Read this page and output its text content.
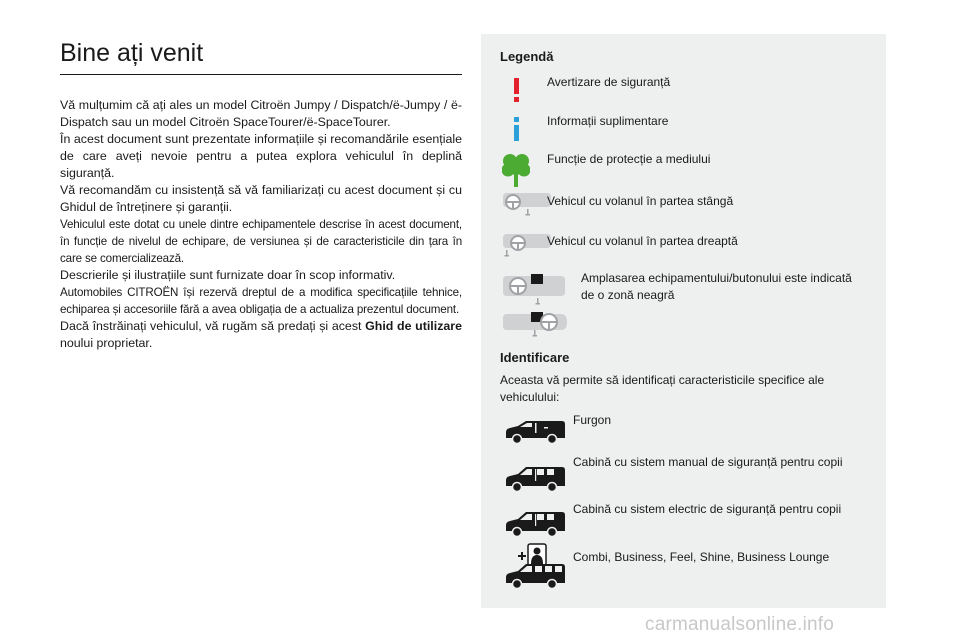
Bine ați venit

Vă mulțumim că ați ales un model Citroën Jumpy / Dispatch/ë-Jumpy / ë-Dispatch sau un model Citroën SpaceTourer/ë-SpaceTourer.

În acest document sunt prezentate informațiile și recomandările esențiale de care aveți nevoie pentru a putea explora vehiculul în deplină siguranță.

Vă recomandăm cu insistență să vă familiarizați cu acest document și cu Ghidul de întreținere și garanții.

Vehiculul este dotat cu unele dintre echipamentele descrise în acest document, în funcție de nivelul de echipare, de versiunea și de caracteristicile din țara în care se comercializează.

Descrierile și ilustrațiile sunt furnizate doar în scop informativ.

Automobiles CITROËN își rezervă dreptul de a modifica specificațiile tehnice, echiparea și accesoriile fără a avea obligația de a actualiza prezentul document.

Dacă înstrăinați vehiculul, vă rugăm să predați și acest Ghid de utilizare noului proprietar.

Legendă
Avertizare de siguranță
Informații suplimentare
Funcție de protecție a mediului
Vehicul cu volanul în partea stângă
Vehicul cu volanul în partea dreaptă
Amplasarea echipamentului/butonului este indicată de o zonă neagră
Identificare
Aceasta vă permite să identificați caracteristicile specifice ale vehiculului:
Furgon
Cabină cu sistem manual de siguranță pentru copii
Cabină cu sistem electric de siguranță pentru copii
Combi, Business, Feel, Shine, Business Lounge
carmanualsonline.info
